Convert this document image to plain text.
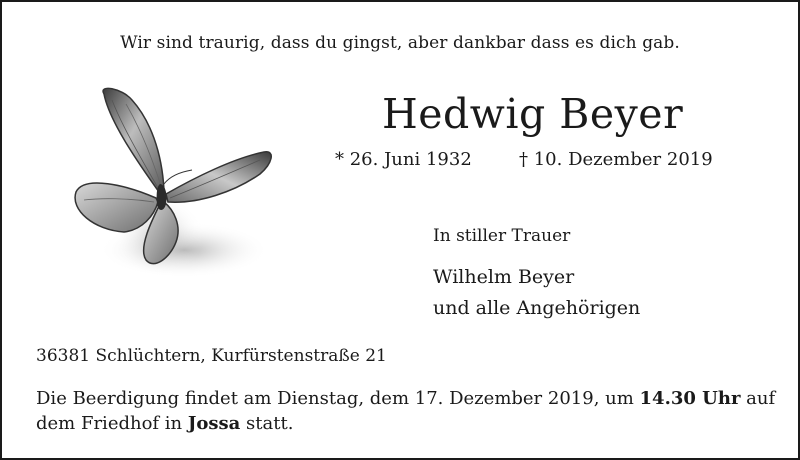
Wir sind traurig, dass du gingst, aber dankbar dass es dich gab.
Hedwig Beyer
* 26. Juni 1932	† 10. Dezember 2019
In stiller Trauer
Wilhelm Beyer
und alle Angehörigen
36381 Schlüchtern, Kurfürstenstraße 21
Die Beerdigung findet am Dienstag, dem 17. Dezember 2019, um 14.30 Uhr auf dem Friedhof in Jossa statt.
